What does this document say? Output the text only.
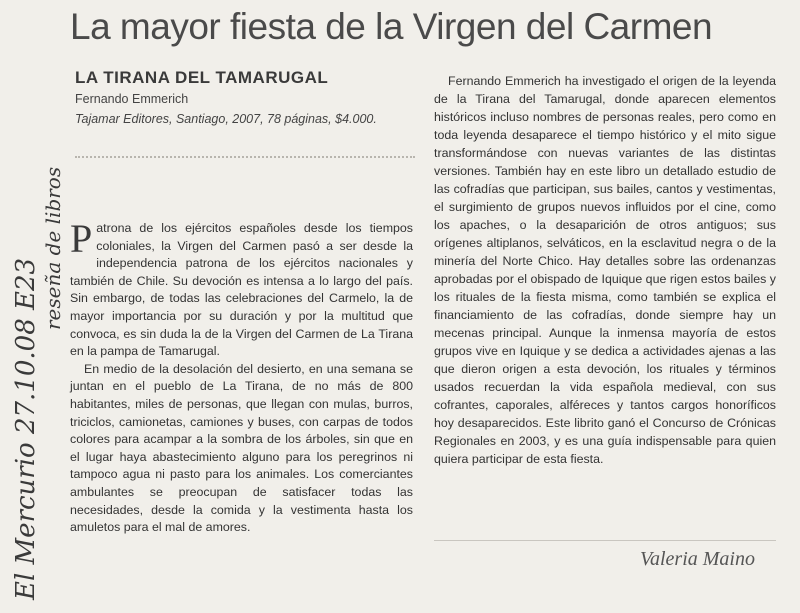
El Mercurio 27.10.08 E23
reseña de libros
La mayor fiesta de la Virgen del Carmen
LA TIRANA DEL TAMARUGAL
Fernando Emmerich
Tajamar Editores, Santiago, 2007, 78 páginas, $4.000.

Patrona de los ejércitos españoles desde los tiempos coloniales, la Virgen del Carmen pasó a ser desde la independencia patrona de los ejércitos nacionales y también de Chile. Su devoción es intensa a lo largo del país. Sin embargo, de todas las celebraciones del Carmelo, la de mayor importancia por su duración y por la multitud que convoca, es sin duda la de la Virgen del Carmen de La Tirana en la pampa de Tamarugal.

En medio de la desolación del desierto, en una semana se juntan en el pueblo de La Tirana, de no más de 800 habitantes, miles de personas, que llegan con mulas, burros, triciclos, camionetas, camiones y buses, con carpas de todos colores para acampar a la sombra de los árboles, sin que en el lugar haya abastecimiento alguno para los peregrinos ni tampoco agua ni pasto para los animales. Los comerciantes ambulantes se preocupan de satisfacer todas las necesidades, desde la comida y la vestimenta hasta los amuletos para el mal de amores.

Fernando Emmerich ha investigado el origen de la leyenda de la Tirana del Tamarugal, donde aparecen elementos históricos incluso nombres de personas reales, pero como en toda leyenda desaparece el tiempo histórico y el mito sigue transformándose con nuevas variantes de las distintas versiones. También hay en este libro un detallado estudio de las cofradías que participan, sus bailes, cantos y vestimentas, el surgimiento de grupos nuevos influidos por el cine, como los apaches, o la desaparición de otros antiguos; sus orígenes altiplanos, selváticos, en la esclavitud negra o de la minería del Norte Chico. Hay detalles sobre las ordenanzas aprobadas por el obispado de Iquique que rigen estos bailes y los rituales de la fiesta misma, como también se explica el financiamiento de las cofradías, donde siempre hay un mecenas principal. Aunque la inmensa mayoría de estos grupos vive en Iquique y se dedica a actividades ajenas a las que dieron origen a esta devoción, los rituales y términos usados recuerdan la vida española medieval, con sus cofrantes, caporales, alféreces y tantos cargos honoríficos hoy desaparecidos. Este librito ganó el Concurso de Crónicas Regionales en 2003, y es una guía indispensable para quien quiera participar de esta fiesta.

Valeria Maino
